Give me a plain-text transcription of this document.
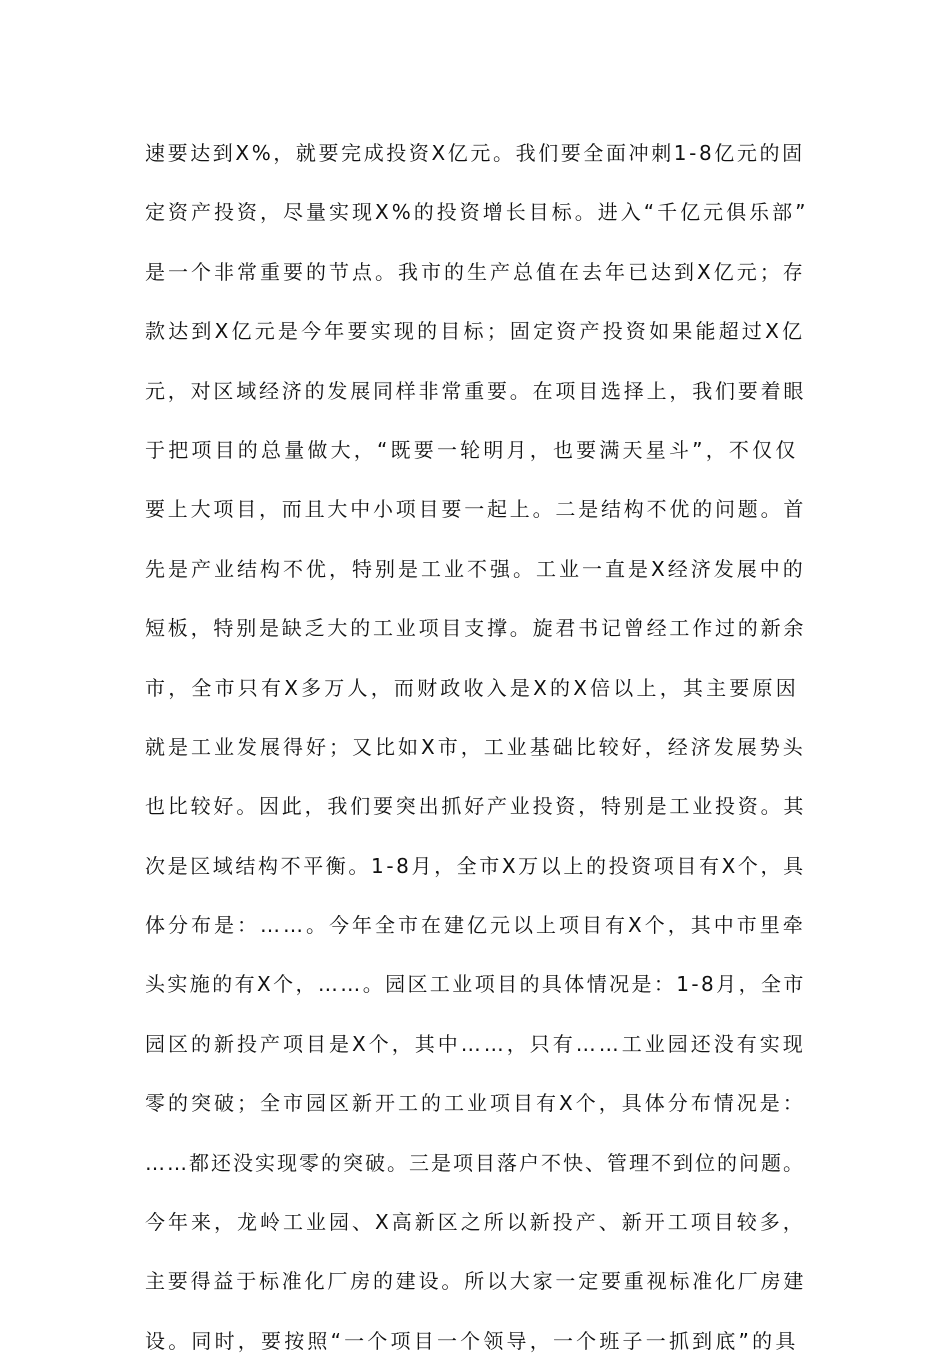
速要达到X%，就要完成投资X亿元。我们要全面冲刺1-8亿元的固
定资产投资，尽量实现X%的投资增长目标。进入“千亿元俱乐部”
是一个非常重要的节点。我市的生产总值在去年已达到X亿元；存
款达到X亿元是今年要实现的目标；固定资产投资如果能超过X亿
元，对区域经济的发展同样非常重要。在项目选择上，我们要着眼
于把项目的总量做大，“既要一轮明月，也要满天星斗”，不仅仅
要上大项目，而且大中小项目要一起上。二是结构不优的问题。首
先是产业结构不优，特别是工业不强。工业一直是X经济发展中的
短板，特别是缺乏大的工业项目支撑。旋君书记曾经工作过的新余
市，全市只有X多万人，而财政收入是X的X倍以上，其主要原因
就是工业发展得好；又比如X市，工业基础比较好，经济发展势头
也比较好。因此，我们要突出抓好产业投资，特别是工业投资。其
次是区域结构不平衡。1-8月，全市X万以上的投资项目有X个，具
体分布是：……。今年全市在建亿元以上项目有X个，其中市里牵
头实施的有X个，……。园区工业项目的具体情况是：1-8月，全市
园区的新投产项目是X个，其中……，只有……工业园还没有实现
零的突破；全市园区新开工的工业项目有X个，具体分布情况是：
……都还没实现零的突破。三是项目落户不快、管理不到位的问题。
今年来，龙岭工业园、X高新区之所以新投产、新开工项目较多，
主要得益于标准化厂房的建设。所以大家一定要重视标准化厂房建
设。同时，要按照“一个项目一个领导，一个班子一抓到底”的具
